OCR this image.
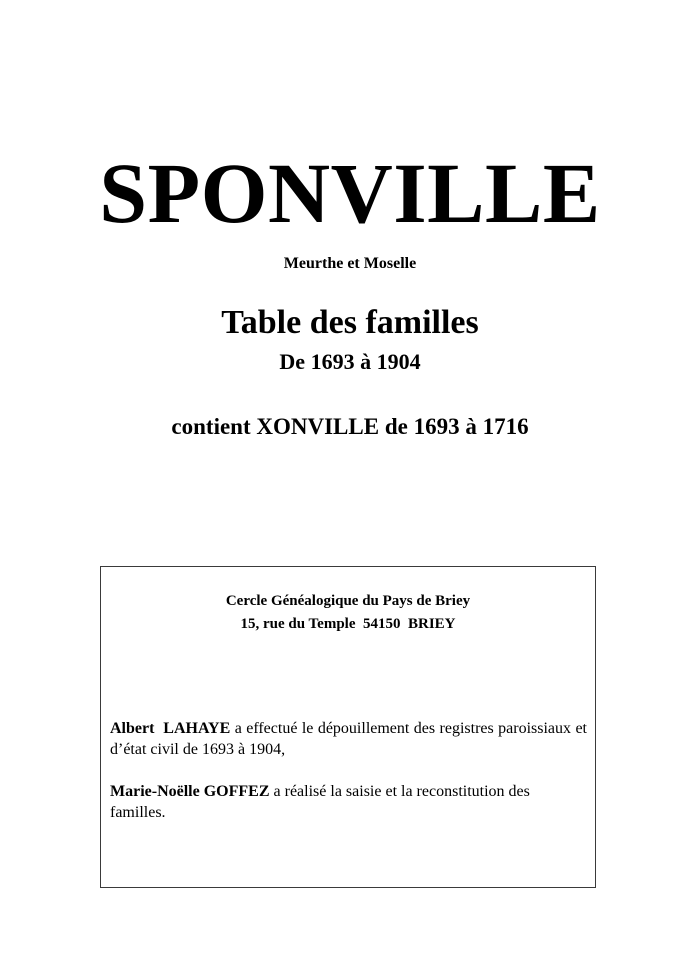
SPONVILLE
Meurthe et Moselle
Table des familles
De 1693 à 1904
contient XONVILLE de 1693 à 1716
Cercle Généalogique du Pays de Briey
15, rue du Temple  54150  BRIEY

Albert  LAHAYE a effectué le dépouillement des registres paroissiaux et d’état civil de 1693 à 1904,

Marie-Noëlle GOFFEZ a réalisé la saisie et la reconstitution des familles.
